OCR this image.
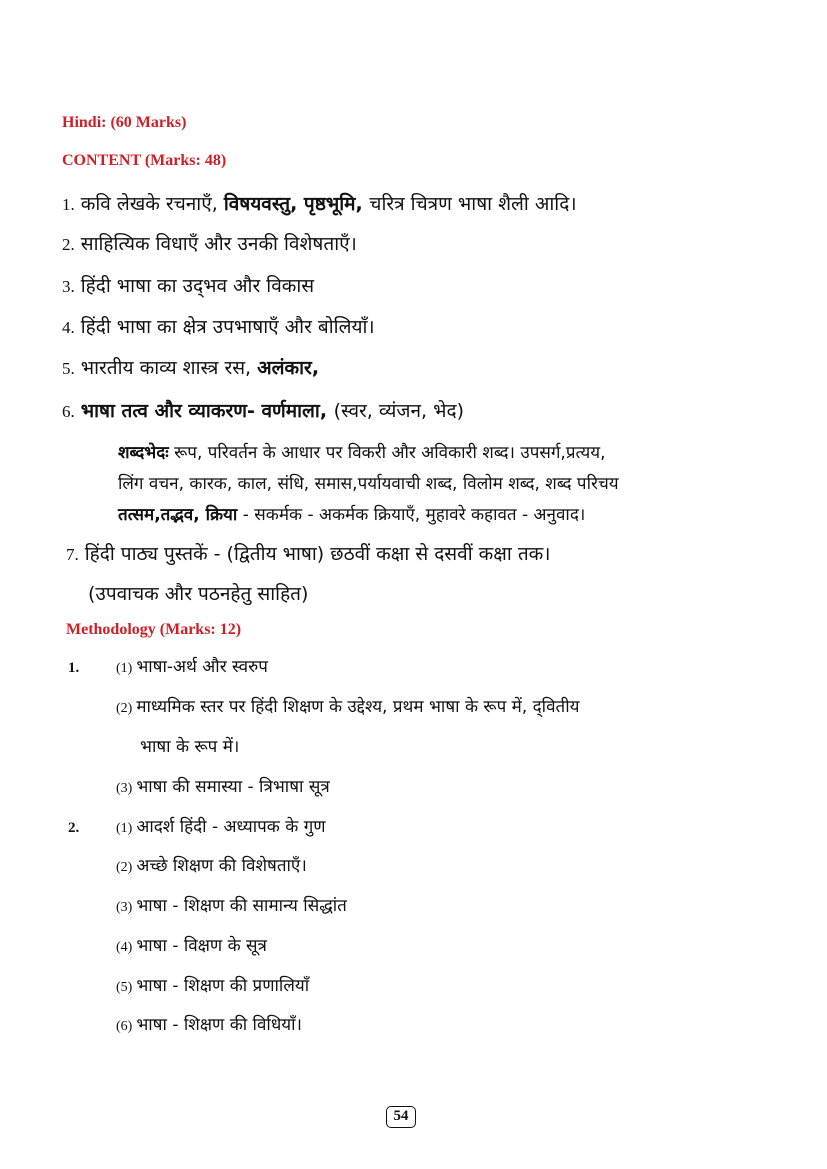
Hindi: (60 Marks)
CONTENT (Marks: 48)
1. कवि लेखके रचनाएँ, विषयवस्तु, पृष्ठभूमि, चरित्र चित्रण भाषा शैली आदि।
2. साहित्यिक विधाएँ और उनकी विशेषताएँ।
3. हिंदी भाषा का उद्‌भव और विकास
4. हिंदी भाषा का क्षेत्र उपभाषाएँ और बोलियाँ।
5. भारतीय काव्य शास्त्र रस, अलंकार,
6. भाषा तत्व और व्याकरण- वर्णमाला, (स्वर, व्यंजन, भेद)
शब्दभेदः रूप, परिवर्तन के आधार पर विकरी और अविकारी शब्द। उपसर्ग,प्रत्यय,
लिंग वचन, कारक, काल, संधि, समास,पर्यायवाची शब्द, विलोम शब्द, शब्द परिचय
तत्सम,तद्भव, क्रिया - सकर्मक - अकर्मक क्रियाएँ, मुहावरे कहावत - अनुवाद।
7. हिंदी पाठ्य पुस्तकें - (द्वितीय भाषा) छठवीं कक्षा से दसवीं कक्षा तक।
(उपवाचक और पठनहेतु साहित)
Methodology (Marks: 12)
1.	(1) भाषा-अर्थ और स्वरुप
(2) माध्यमिक स्तर पर हिंदी शिक्षण के उद्देश्य, प्रथम भाषा के रूप में, द्‌वितीय
भाषा के रूप में।
(3) भाषा की समास्या - त्रिभाषा सूत्र
2.	(1) आदर्श हिंदी - अध्यापक के गुण
(2) अच्छे शिक्षण की विशेषताएँ।
(3) भाषा - शिक्षण की सामान्य सिद्धांत
(4) भाषा - विक्षण के सूत्र
(5) भाषा - शिक्षण की प्रणालियाँ
(6) भाषा - शिक्षण की विधियाँ।
54
